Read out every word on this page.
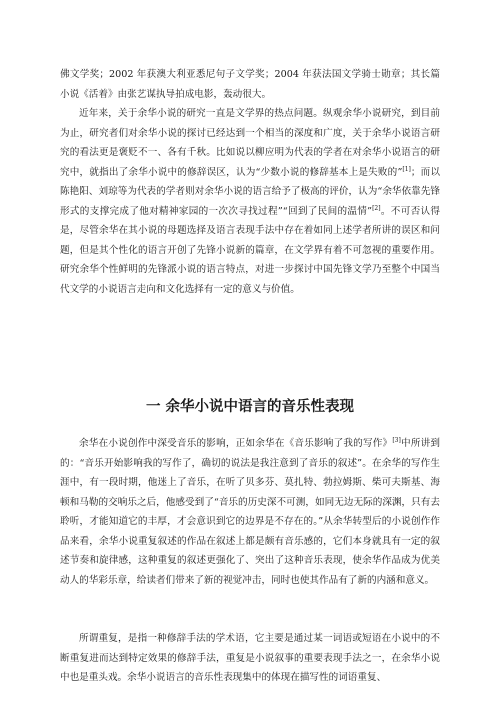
佛文学奖；2002 年获澳大利亚悉尼句子文学奖；2004 年获法国文学骑士勋章；其长篇小说《活着》由张艺谋执导拍成电影，轰动很大。

近年来，关于余华小说的研究一直是文学界的热点问题。纵观余华小说研究，到目前为止，研究者们对余华小说的探讨已经达到一个相当的深度和广度，关于余华小说语言研究的看法更是褒贬不一、各有千秋。比如说以柳应明为代表的学者在对余华小说语言的研究中，就指出了余华小说中的修辞误区，认为“少数小说的修辞基本上是失败的”[1]；而以陈艳阳、刘琼等为代表的学者则对余华小说的语言给予了极高的评价，认为“余华依靠先锋形式的支撑完成了他对精神家园的一次次寻找过程”“回到了民间的温情”[2]。不可否认得是，尽管余华在其小说的母题选择及语言表现手法中存在着如同上述学者所讲的误区和问题，但是其个性化的语言开创了先锋小说新的篇章，在文学界有着不可忽视的重要作用。研究余华个性鲜明的先锋派小说的语言特点，对进一步探讨中国先锋文学乃至整个中国当代文学的小说语言走向和文化选择有一定的意义与价值。

一 余华小说中语言的音乐性表现

余华在小说创作中深受音乐的影响，正如余华在《音乐影响了我的写作》[3]中所讲到的：“音乐开始影响我的写作了，确切的说法是我注意到了音乐的叙述”。在余华的写作生涯中，有一段时期，他迷上了音乐，在听了贝多芬、莫扎特、勃拉姆斯、柴可夫斯基、海顿和马勒的交响乐之后，他感受到了“音乐的历史深不可测，如同无边无际的深渊，只有去聆听，才能知道它的丰厚，才会意识到它的边界是不存在的。”从余华转型后的小说创作作品来看，余华小说重复叙述的作品在叙述上都是颇有音乐感的，它们本身就具有一定的叙述节奏和旋律感，这种重复的叙述更强化了、突出了这种音乐表现，使余华作品成为优美动人的华彩乐章，给读者们带来了新的视觉冲击，同时也使其作品有了新的内涵和意义。

所谓重复，是指一种修辞手法的学术语，它主要是通过某一词语或短语在小说中的不断重复进而达到特定效果的修辞手法，重复是小说叙事的重要表现手法之一，在余华小说中也是重头戏。余华小说语言的音乐性表现集中的体现在描写性的词语重复、
